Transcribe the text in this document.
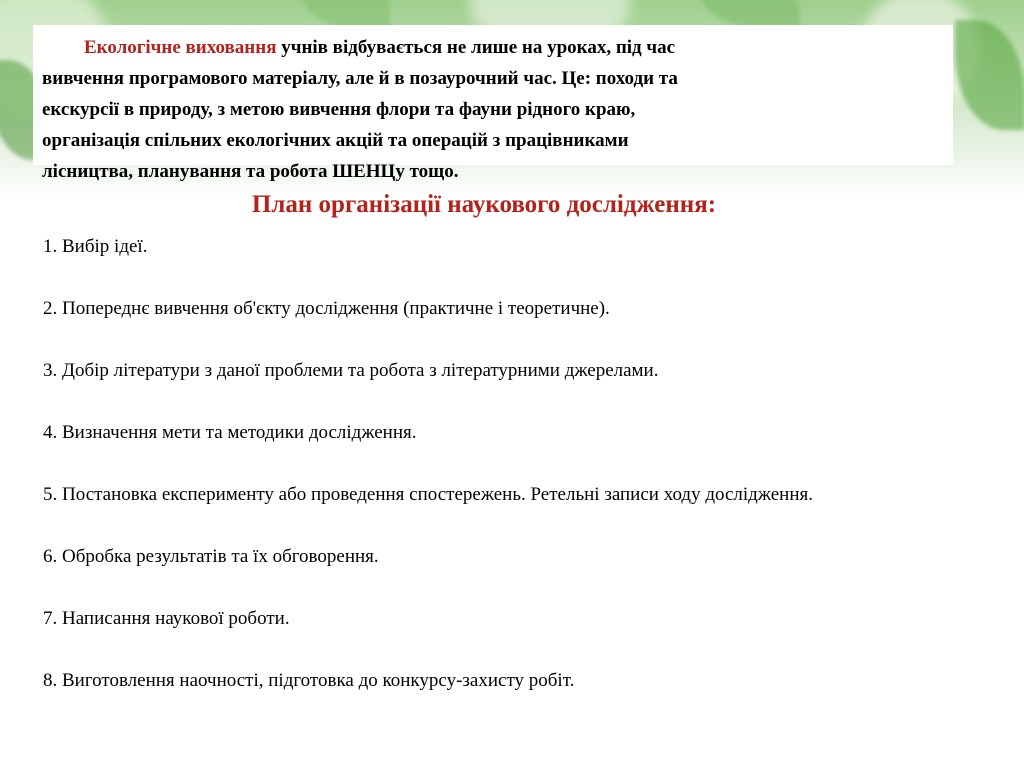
Екологічне виховання учнів відбувається не лише на уроках, під час
вивчення програмового матеріалу, але й в позаурочний час. Це: походи та
екскурсії в природу, з метою вивчення флори та фауни рідного краю,
організація спільних екологічних акцій та операцій з працівниками
лісництва, планування та робота ШЕНЦу тощо.

План організації наукового дослідження:
1. Вибір ідеї.
2. Попереднє вивчення об'єкту дослідження (практичне і теоретичне).
3. Добір літератури з даної проблеми та робота з літературними джерелами.
4. Визначення мети та методики дослідження.
5. Постановка експерименту або проведення спостережень. Ретельні записи ходу дослідження.
6. Обробка результатів та їх обговорення.
7. Написання наукової роботи.
8. Виготовлення наочності, підготовка до конкурсу-захисту робіт.
